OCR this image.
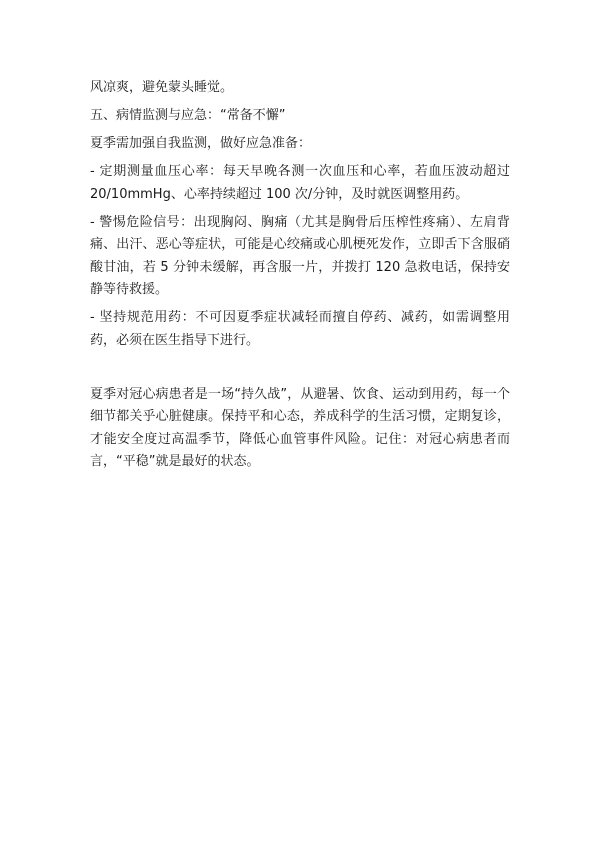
风凉爽，避免蒙头睡觉。

五、病情监测与应急：“常备不懈”

夏季需加强自我监测，做好应急准备：

- 定期测量血压心率：每天早晚各测一次血压和心率，若血压波动超过 20/10mmHg、心率持续超过 100 次/分钟，及时就医调整用药。

- 警惕危险信号：出现胸闷、胸痛（尤其是胸骨后压榨性疼痛）、左肩背痛、出汗、恶心等症状，可能是心绞痛或心肌梗死发作，立即舌下含服硝酸甘油，若 5 分钟未缓解，再含服一片，并拨打 120 急救电话，保持安静等待救援。

- 坚持规范用药：不可因夏季症状减轻而擅自停药、减药，如需调整用药，必须在医生指导下进行。

夏季对冠心病患者是一场“持久战”，从避暑、饮食、运动到用药，每一个细节都关乎心脏健康。保持平和心态，养成科学的生活习惯，定期复诊，才能安全度过高温季节，降低心血管事件风险。记住：对冠心病患者而言，“平稳”就是最好的状态。
